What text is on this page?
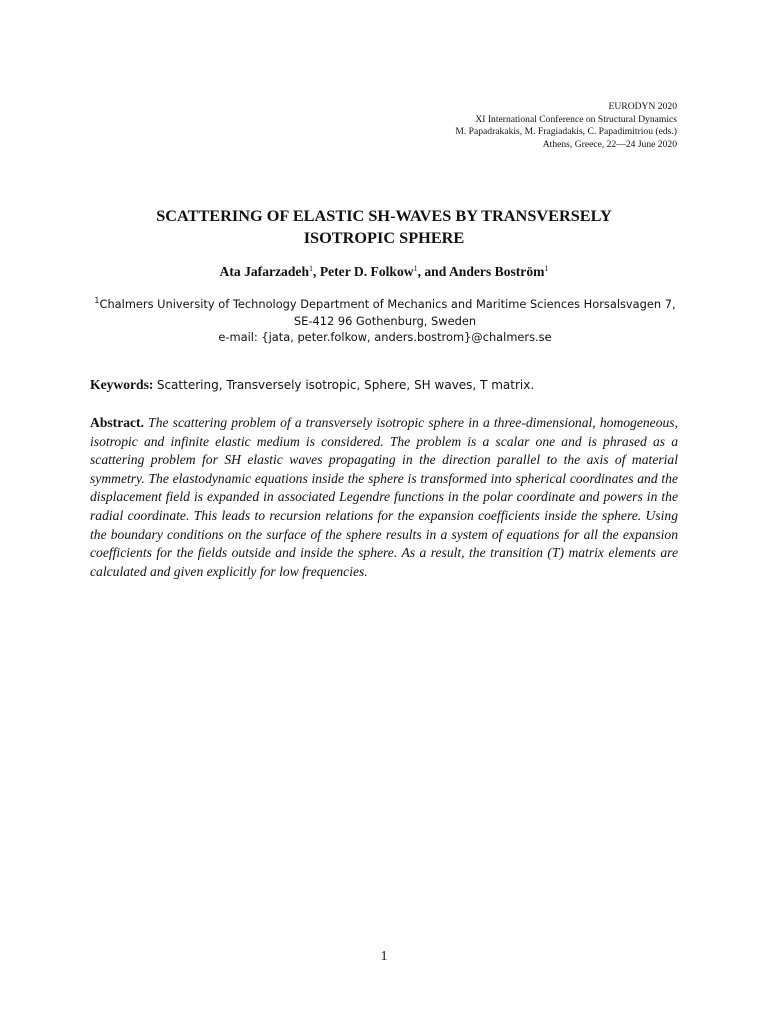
EURODYN 2020
XI International Conference on Structural Dynamics
M. Papadrakakis, M. Fragiadakis, C. Papadimitriou (eds.)
Athens, Greece, 22—24 June 2020
SCATTERING OF ELASTIC SH-WAVES BY TRANSVERSELY
ISOTROPIC SPHERE
Ata Jafarzadeh$^1$, Peter D. Folkow$^1$, and Anders Boström$^1$
$^1$Chalmers University of Technology Department of Mechanics and Maritime Sciences Horsalsvagen 7,
SE-412 96 Gothenburg, Sweden
e-mail: {jata, peter.folkow, anders.bostrom}@chalmers.se
Keywords: Scattering, Transversely isotropic, Sphere, SH waves, T matrix.
Abstract. The scattering problem of a transversely isotropic sphere in a three-dimensional, homogeneous, isotropic and infinite elastic medium is considered. The problem is a scalar one and is phrased as a scattering problem for SH elastic waves propagating in the direction parallel to the axis of material symmetry. The elastodynamic equations inside the sphere is transformed into spherical coordinates and the displacement field is expanded in associated Legendre functions in the polar coordinate and powers in the radial coordinate. This leads to recursion relations for the expansion coefficients inside the sphere. Using the boundary conditions on the surface of the sphere results in a system of equations for all the expansion coefficients for the fields outside and inside the sphere. As a result, the transition (T) matrix elements are calculated and given explicitly for low frequencies.
1
